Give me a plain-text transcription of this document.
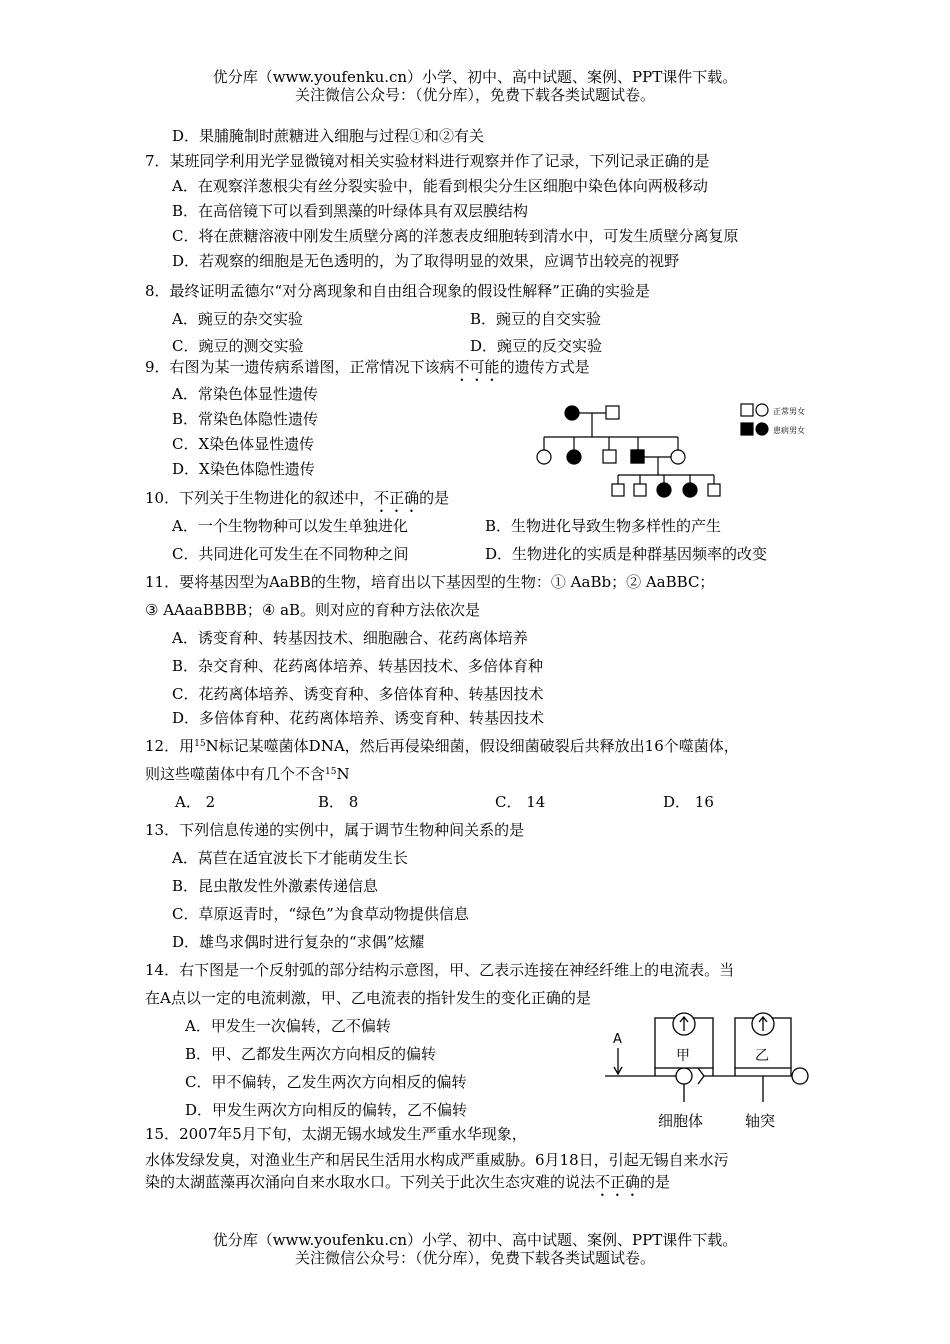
优分库（www.youfenku.cn）小学、初中、高中试题、案例、PPT课件下载。
关注微信公众号：（优分库），免费下载各类试题试卷。
D．果脯腌制时蔗糖进入细胞与过程①和②有关
7．某班同学利用光学显微镜对相关实验材料进行观察并作了记录，下列记录正确的是
A．在观察洋葱根尖有丝分裂实验中，能看到根尖分生区细胞中染色体向两极移动
B．在高倍镜下可以看到黑藻的叶绿体具有双层膜结构
C．将在蔗糖溶液中刚发生质壁分离的洋葱表皮细胞转到清水中，可发生质壁分离复原
D．若观察的细胞是无色透明的，为了取得明显的效果，应调节出较亮的视野
8．最终证明孟德尔“对分离现象和自由组合现象的假设性解释”正确的实验是
A．豌豆的杂交实验	B．豌豆的自交实验
C．豌豆的测交实验	D．豌豆的反交实验
9．右图为某一遗传病系谱图，正常情况下该病不可能的遗传方式是
A．常染色体显性遗传
B．常染色体隐性遗传
C．X染色体显性遗传
D．X染色体隐性遗传
正常男女
患病男女
10．下列关于生物进化的叙述中，不正确的是
A．一个生物物种可以发生单独进化	B．生物进化导致生物多样性的产生
C．共同进化可发生在不同物种之间	D．生物进化的实质是种群基因频率的改变
11．要将基因型为AaBB的生物，培育出以下基因型的生物：① AaBb；② AaBBC；
③ AAaaBBBB；④ aB。则对应的育种方法依次是
A．诱变育种、转基因技术、细胞融合、花药离体培养
B．杂交育种、花药离体培养、转基因技术、多倍体育种
C．花药离体培养、诱变育种、多倍体育种、转基因技术
D．多倍体育种、花药离体培养、诱变育种、转基因技术
12．用$^{15}$N标记某噬菌体DNA，然后再侵染细菌，假设细菌破裂后共释放出16个噬菌体，
则这些噬菌体中有几个不含$^{15}$N
A． 2	B． 8	C． 14	D． 16
13．下列信息传递的实例中，属于调节生物种间关系的是
A．莴苣在适宜波长下才能萌发生长
B．昆虫散发性外激素传递信息
C．草原返青时，“绿色”为食草动物提供信息
D．雄鸟求偶时进行复杂的“求偶”炫耀
14．右下图是一个反射弧的部分结构示意图，甲、乙表示连接在神经纤维上的电流表。当
在A点以一定的电流刺激，甲、乙电流表的指针发生的变化正确的是
A．甲发生一次偏转，乙不偏转
B．甲、乙都发生两次方向相反的偏转
C．甲不偏转，乙发生两次方向相反的偏转
D．甲发生两次方向相反的偏转，乙不偏转
A
甲	乙
细胞体	轴突
15．2007年5月下旬，太湖无锡水域发生严重水华现象，
水体发绿发臭，对渔业生产和居民生活用水构成严重威胁。6月18日，引起无锡自来水污
染的太湖蓝藻再次涌向自来水取水口。下列关于此次生态灾难的说法不正确的是
优分库（www.youfenku.cn）小学、初中、高中试题、案例、PPT课件下载。
关注微信公众号：（优分库），免费下载各类试题试卷。
